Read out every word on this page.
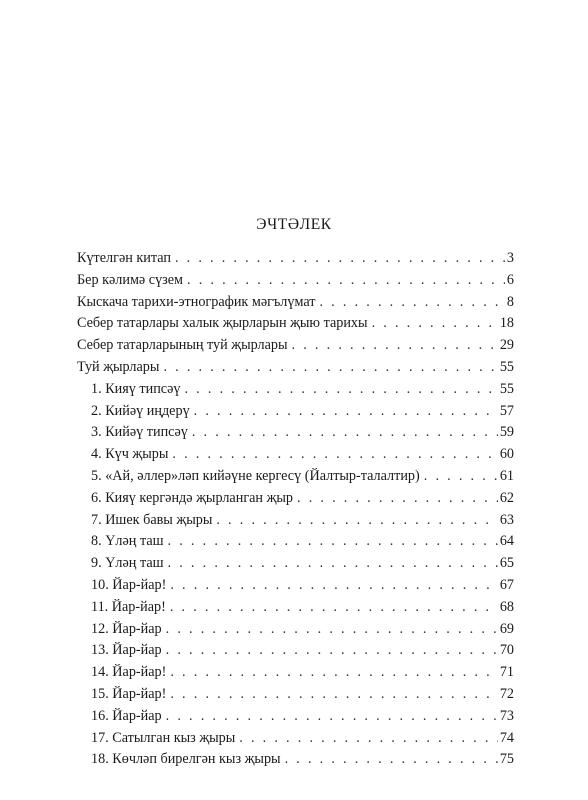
ЭЧТӘЛЕК
Күтелгән китап . . .	3
Бер кәлимә сүзем . . .	6
Кыскача тарихи-этнографик мәгълүмат . . .	8
Себер татарлары халык җырларын җыю тарихы . . .	18
Себер татарларының туй җырлары . . .	29
Туй җырлары . . .	55
1. Кияү типсәү . . .	55
2. Кийәү иңдерү . . .	57
3. Кийәү типсәү . . .	59
4. Күч җыры . . .	60
5. «Ай, әллер»ләп кийәүне кергесү (Йалтыр-талалтир) . . .	61
6. Кияү кергәндә җырланган җыр . . .	62
7. Ишек бавы җыры . . .	63
8. Үләң таш . . .	64
9. Үләң таш . . .	65
10. Йар-йар! . . .	67
11. Йар-йар! . . .	68
12. Йар-йар . . .	69
13. Йар-йар . . .	70
14. Йар-йар! . . .	71
15. Йар-йар! . . .	72
16. Йар-йар . . .	73
17. Сатылган кыз җыры . . .	74
18. Көчләп бирелгән кыз җыры . . .	75
